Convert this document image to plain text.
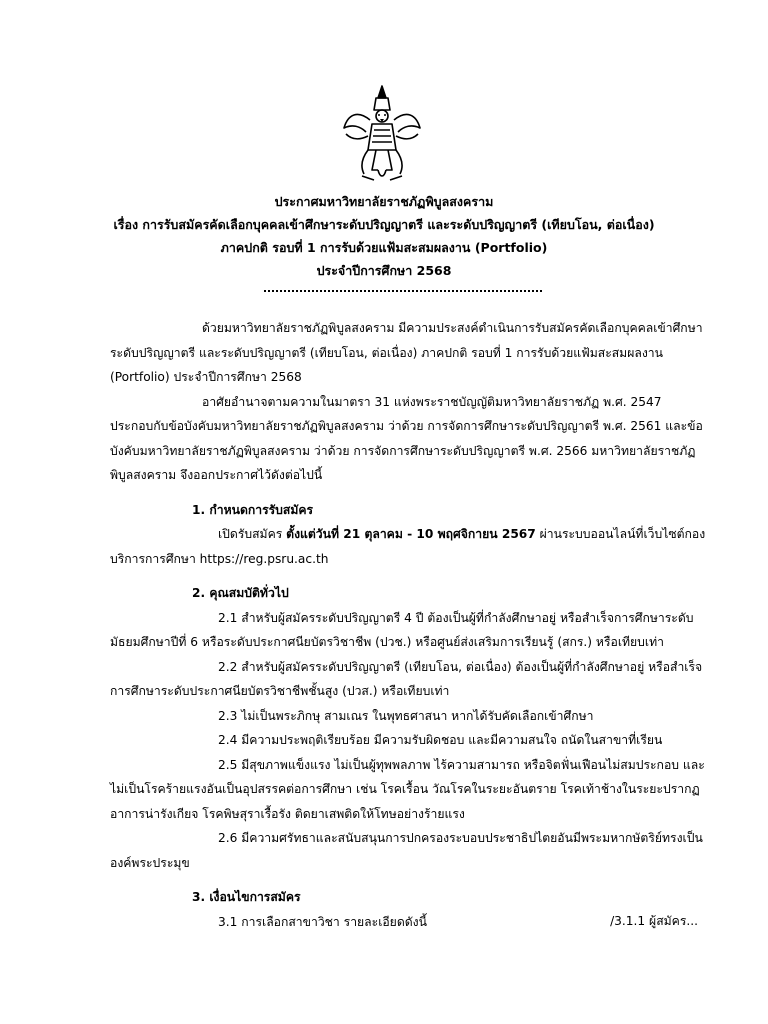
ประกาศมหาวิทยาลัยราชภัฏพิบูลสงคราม
เรื่อง การรับสมัครคัดเลือกบุคคลเข้าศึกษาระดับปริญญาตรี และระดับปริญญาตรี (เทียบโอน, ต่อเนื่อง)
ภาคปกติ รอบที่ 1 การรับด้วยแฟ้มสะสมผลงาน (Portfolio)
ประจำปีการศึกษา 2568

ด้วยมหาวิทยาลัยราชภัฏพิบูลสงคราม มีความประสงค์ดำเนินการรับสมัครคัดเลือกบุคคลเข้าศึกษาระดับปริญญาตรี และระดับปริญญาตรี (เทียบโอน, ต่อเนื่อง) ภาคปกติ รอบที่ 1 การรับด้วยแฟ้มสะสมผลงาน (Portfolio) ประจำปีการศึกษา 2568

อาศัยอำนาจตามความในมาตรา 31 แห่งพระราชบัญญัติมหาวิทยาลัยราชภัฏ พ.ศ. 2547 ประกอบกับข้อบังคับมหาวิทยาลัยราชภัฏพิบูลสงคราม ว่าด้วย การจัดการศึกษาระดับปริญญาตรี พ.ศ. 2561 และข้อบังคับมหาวิทยาลัยราชภัฏพิบูลสงคราม ว่าด้วย การจัดการศึกษาระดับปริญญาตรี พ.ศ. 2566 มหาวิทยาลัยราชภัฏพิบูลสงคราม จึงออกประกาศไว้ดังต่อไปนี้

1. กำหนดการรับสมัคร

เปิดรับสมัคร ตั้งแต่วันที่ 21 ตุลาคม - 10 พฤศจิกายน 2567 ผ่านระบบออนไลน์ที่เว็บไซต์กองบริการการศึกษา https://reg.psru.ac.th

2. คุณสมบัติทั่วไป

2.1 สำหรับผู้สมัครระดับปริญญาตรี 4 ปี ต้องเป็นผู้ที่กำลังศึกษาอยู่ หรือสำเร็จการศึกษาระดับมัธยมศึกษาปีที่ 6 หรือระดับประกาศนียบัตรวิชาชีพ (ปวช.) หรือศูนย์ส่งเสริมการเรียนรู้ (สกร.) หรือเทียบเท่า

2.2 สำหรับผู้สมัครระดับปริญญาตรี (เทียบโอน, ต่อเนื่อง) ต้องเป็นผู้ที่กำลังศึกษาอยู่ หรือสำเร็จการศึกษาระดับประกาศนียบัตรวิชาชีพชั้นสูง (ปวส.) หรือเทียบเท่า

2.3 ไม่เป็นพระภิกษุ สามเณร ในพุทธศาสนา หากได้รับคัดเลือกเข้าศึกษา

2.4 มีความประพฤติเรียบร้อย มีความรับผิดชอบ และมีความสนใจ ถนัดในสาขาที่เรียน

2.5 มีสุขภาพแข็งแรง ไม่เป็นผู้ทุพพลภาพ ไร้ความสามารถ หรือจิตฟั่นเฟือนไม่สมประกอบ และไม่เป็นโรคร้ายแรงอันเป็นอุปสรรคต่อการศึกษา เช่น โรคเรื้อน วัณโรคในระยะอันตราย โรคเท้าช้างในระยะปรากฏอาการน่ารังเกียจ โรคพิษสุราเรื้อรัง ติดยาเสพติดให้โทษอย่างร้ายแรง

2.6 มีความศรัทธาและสนับสนุนการปกครองระบอบประชาธิปไตยอันมีพระมหากษัตริย์ทรงเป็นองค์พระประมุข

3. เงื่อนไขการสมัคร

3.1 การเลือกสาขาวิชา รายละเอียดดังนี้	/3.1.1 ผู้สมัคร...
